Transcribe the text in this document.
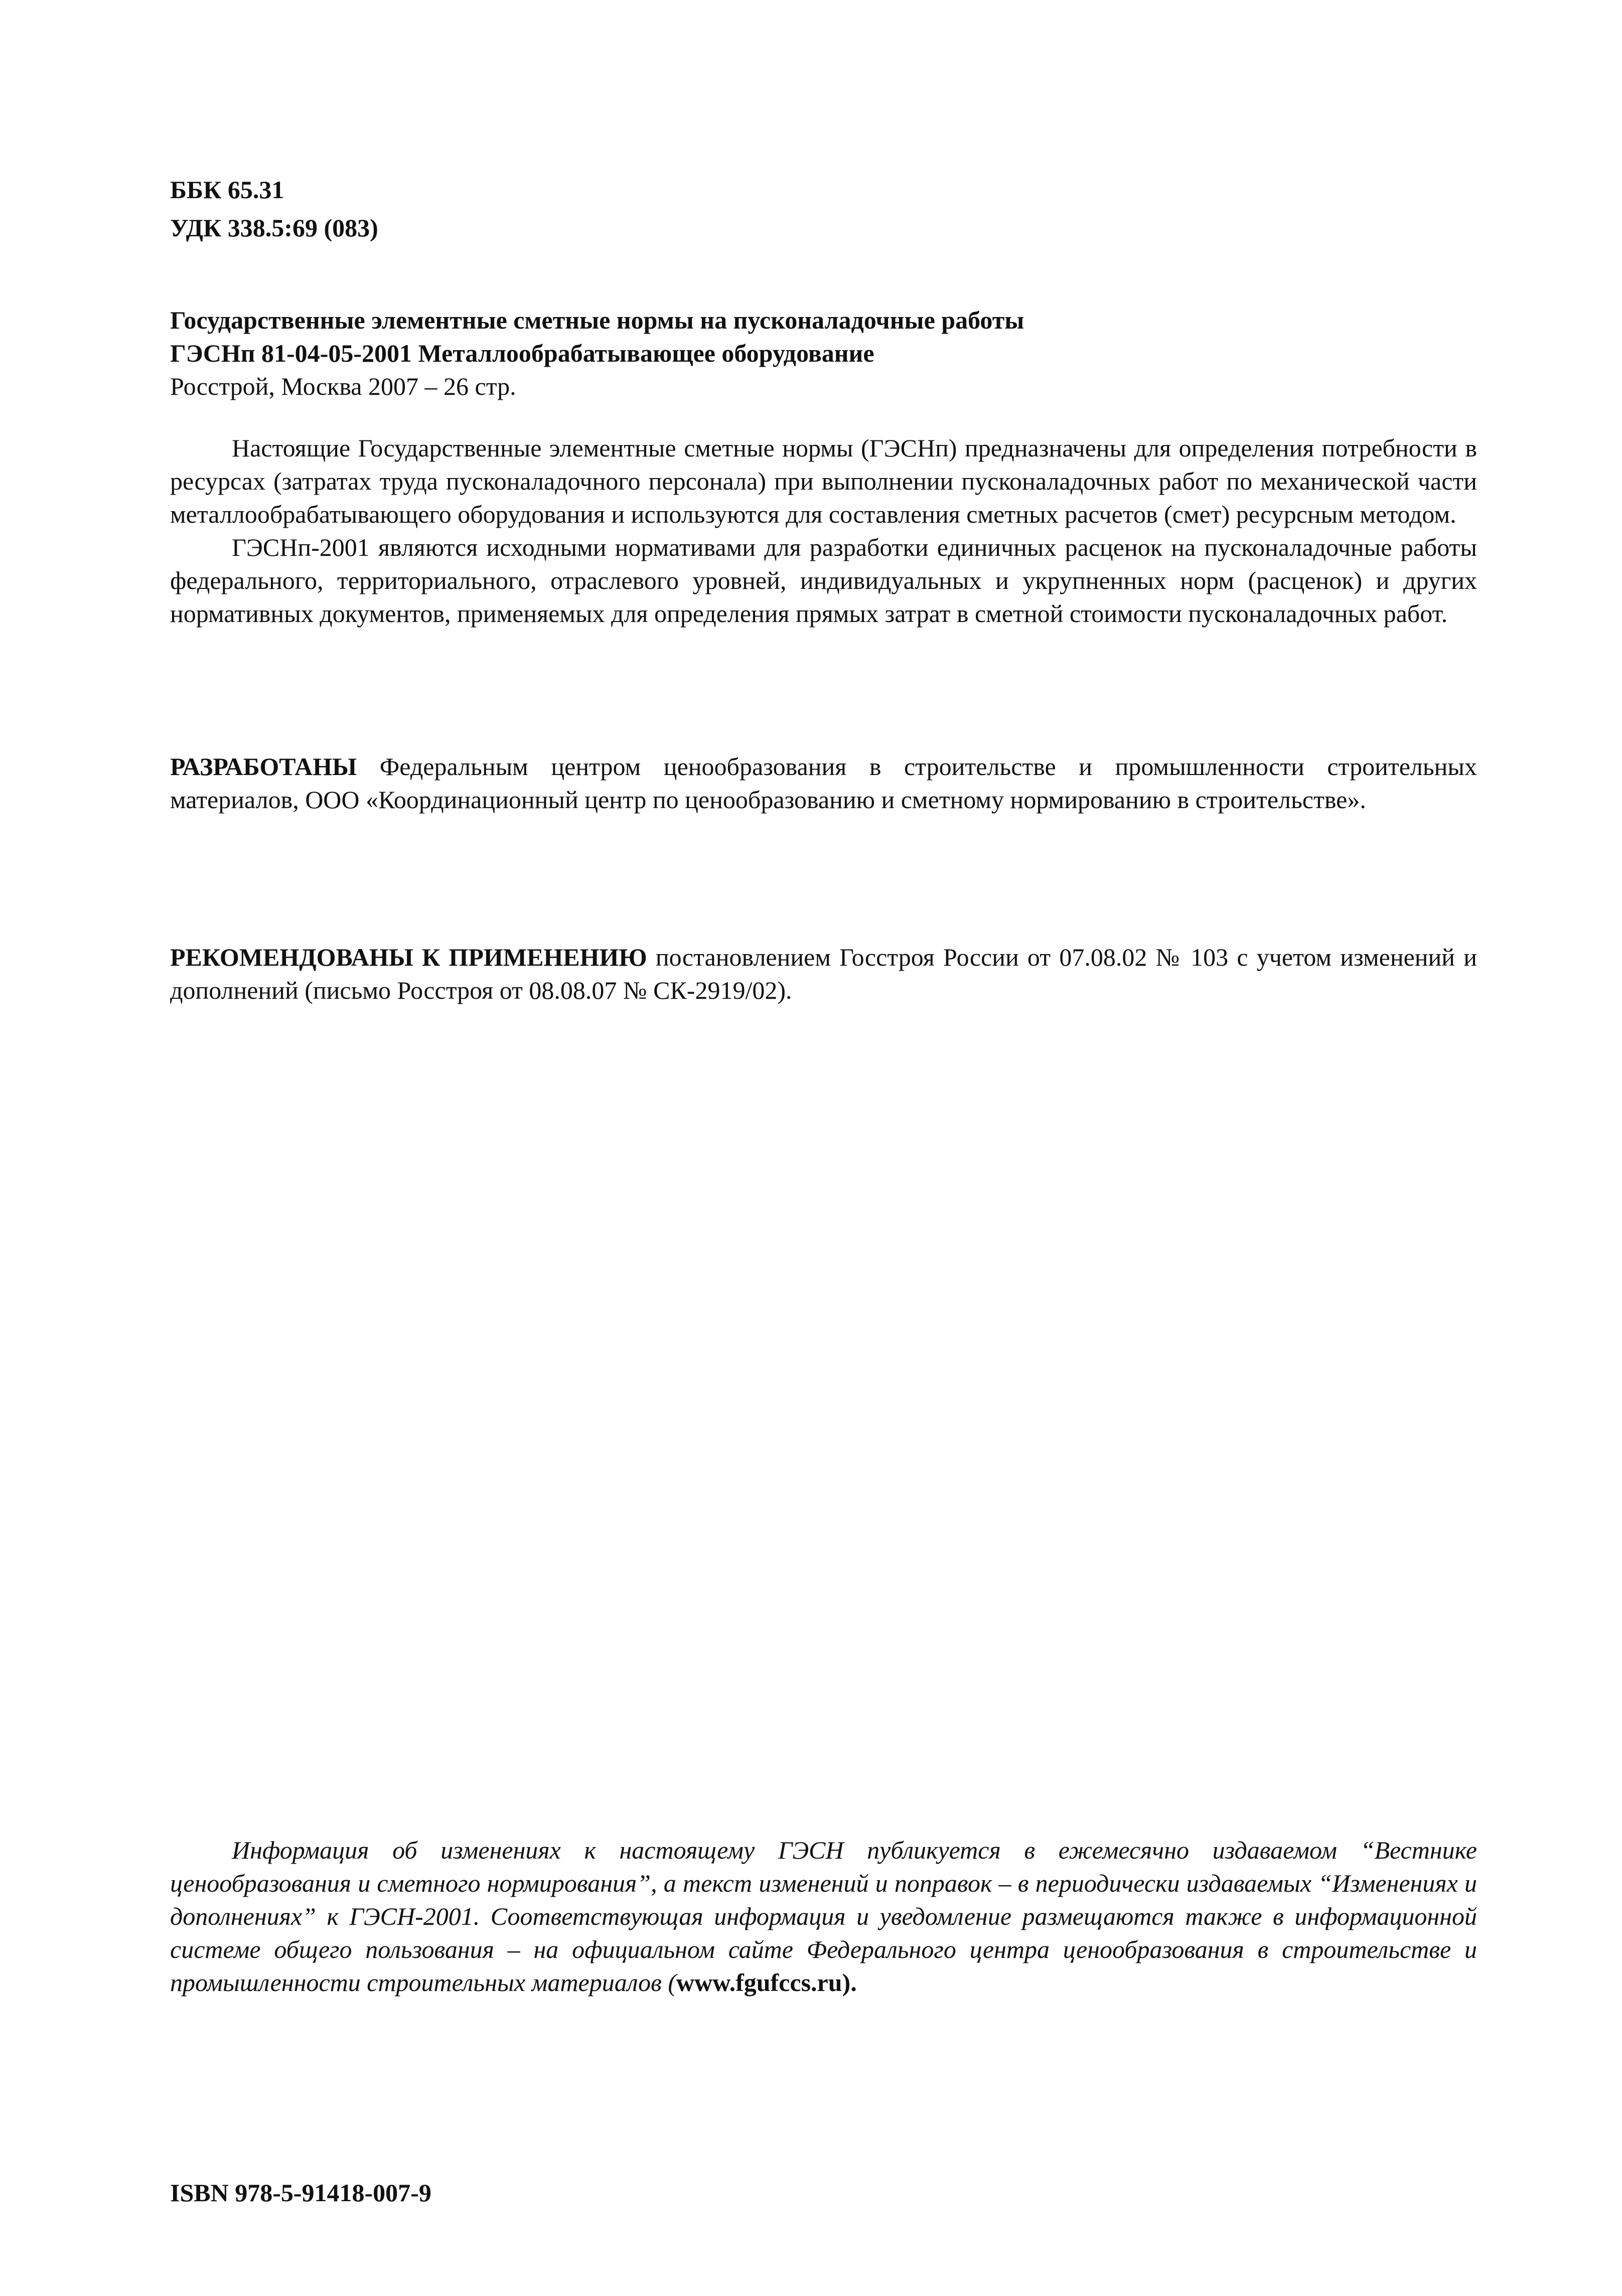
ББК 65.31
УДК 338.5:69 (083)
Государственные элементные сметные нормы на пусконаладочные работы
ГЭСНп 81-04-05-2001 Металлообрабатывающее оборудование
Росстрой, Москва 2007 – 26 стр.

Настоящие Государственные элементные сметные нормы (ГЭСНп) предназначены для определения потребности в ресурсах (затратах труда пусконаладочного персонала) при выполнении пусконаладочных работ по механической части металлообрабатывающего оборудования и используются для составления сметных расчетов (смет) ресурсным методом.

ГЭСНп-2001 являются исходными нормативами для разработки единичных расценок на пусконаладочные работы федерального, территориального, отраслевого уровней, индивидуальных и укрупненных норм (расценок) и других нормативных документов, применяемых для определения прямых затрат в сметной стоимости пусконаладочных работ.

РАЗРАБОТАНЫ Федеральным центром ценообразования в строительстве и промышленности строительных материалов, ООО «Координационный центр по ценообразованию и сметному нормированию в строительстве».

РЕКОМЕНДОВАНЫ К ПРИМЕНЕНИЮ постановлением Госстроя России от 07.08.02 № 103 с учетом изменений и дополнений (письмо Росстроя от 08.08.07 № СК-2919/02).

Информация об изменениях к настоящему ГЭСН публикуется в ежемесячно издаваемом “Вестнике ценообразования и сметного нормирования”, а текст изменений и поправок – в периодически издаваемых “Изменениях и дополнениях” к ГЭСН-2001. Соответствующая информация и уведомление размещаются также в информационной системе общего пользования – на официальном сайте Федерального центра ценообразования в строительстве и промышленности строительных материалов (www.fgufccs.ru).

ISBN 978-5-91418-007-9
